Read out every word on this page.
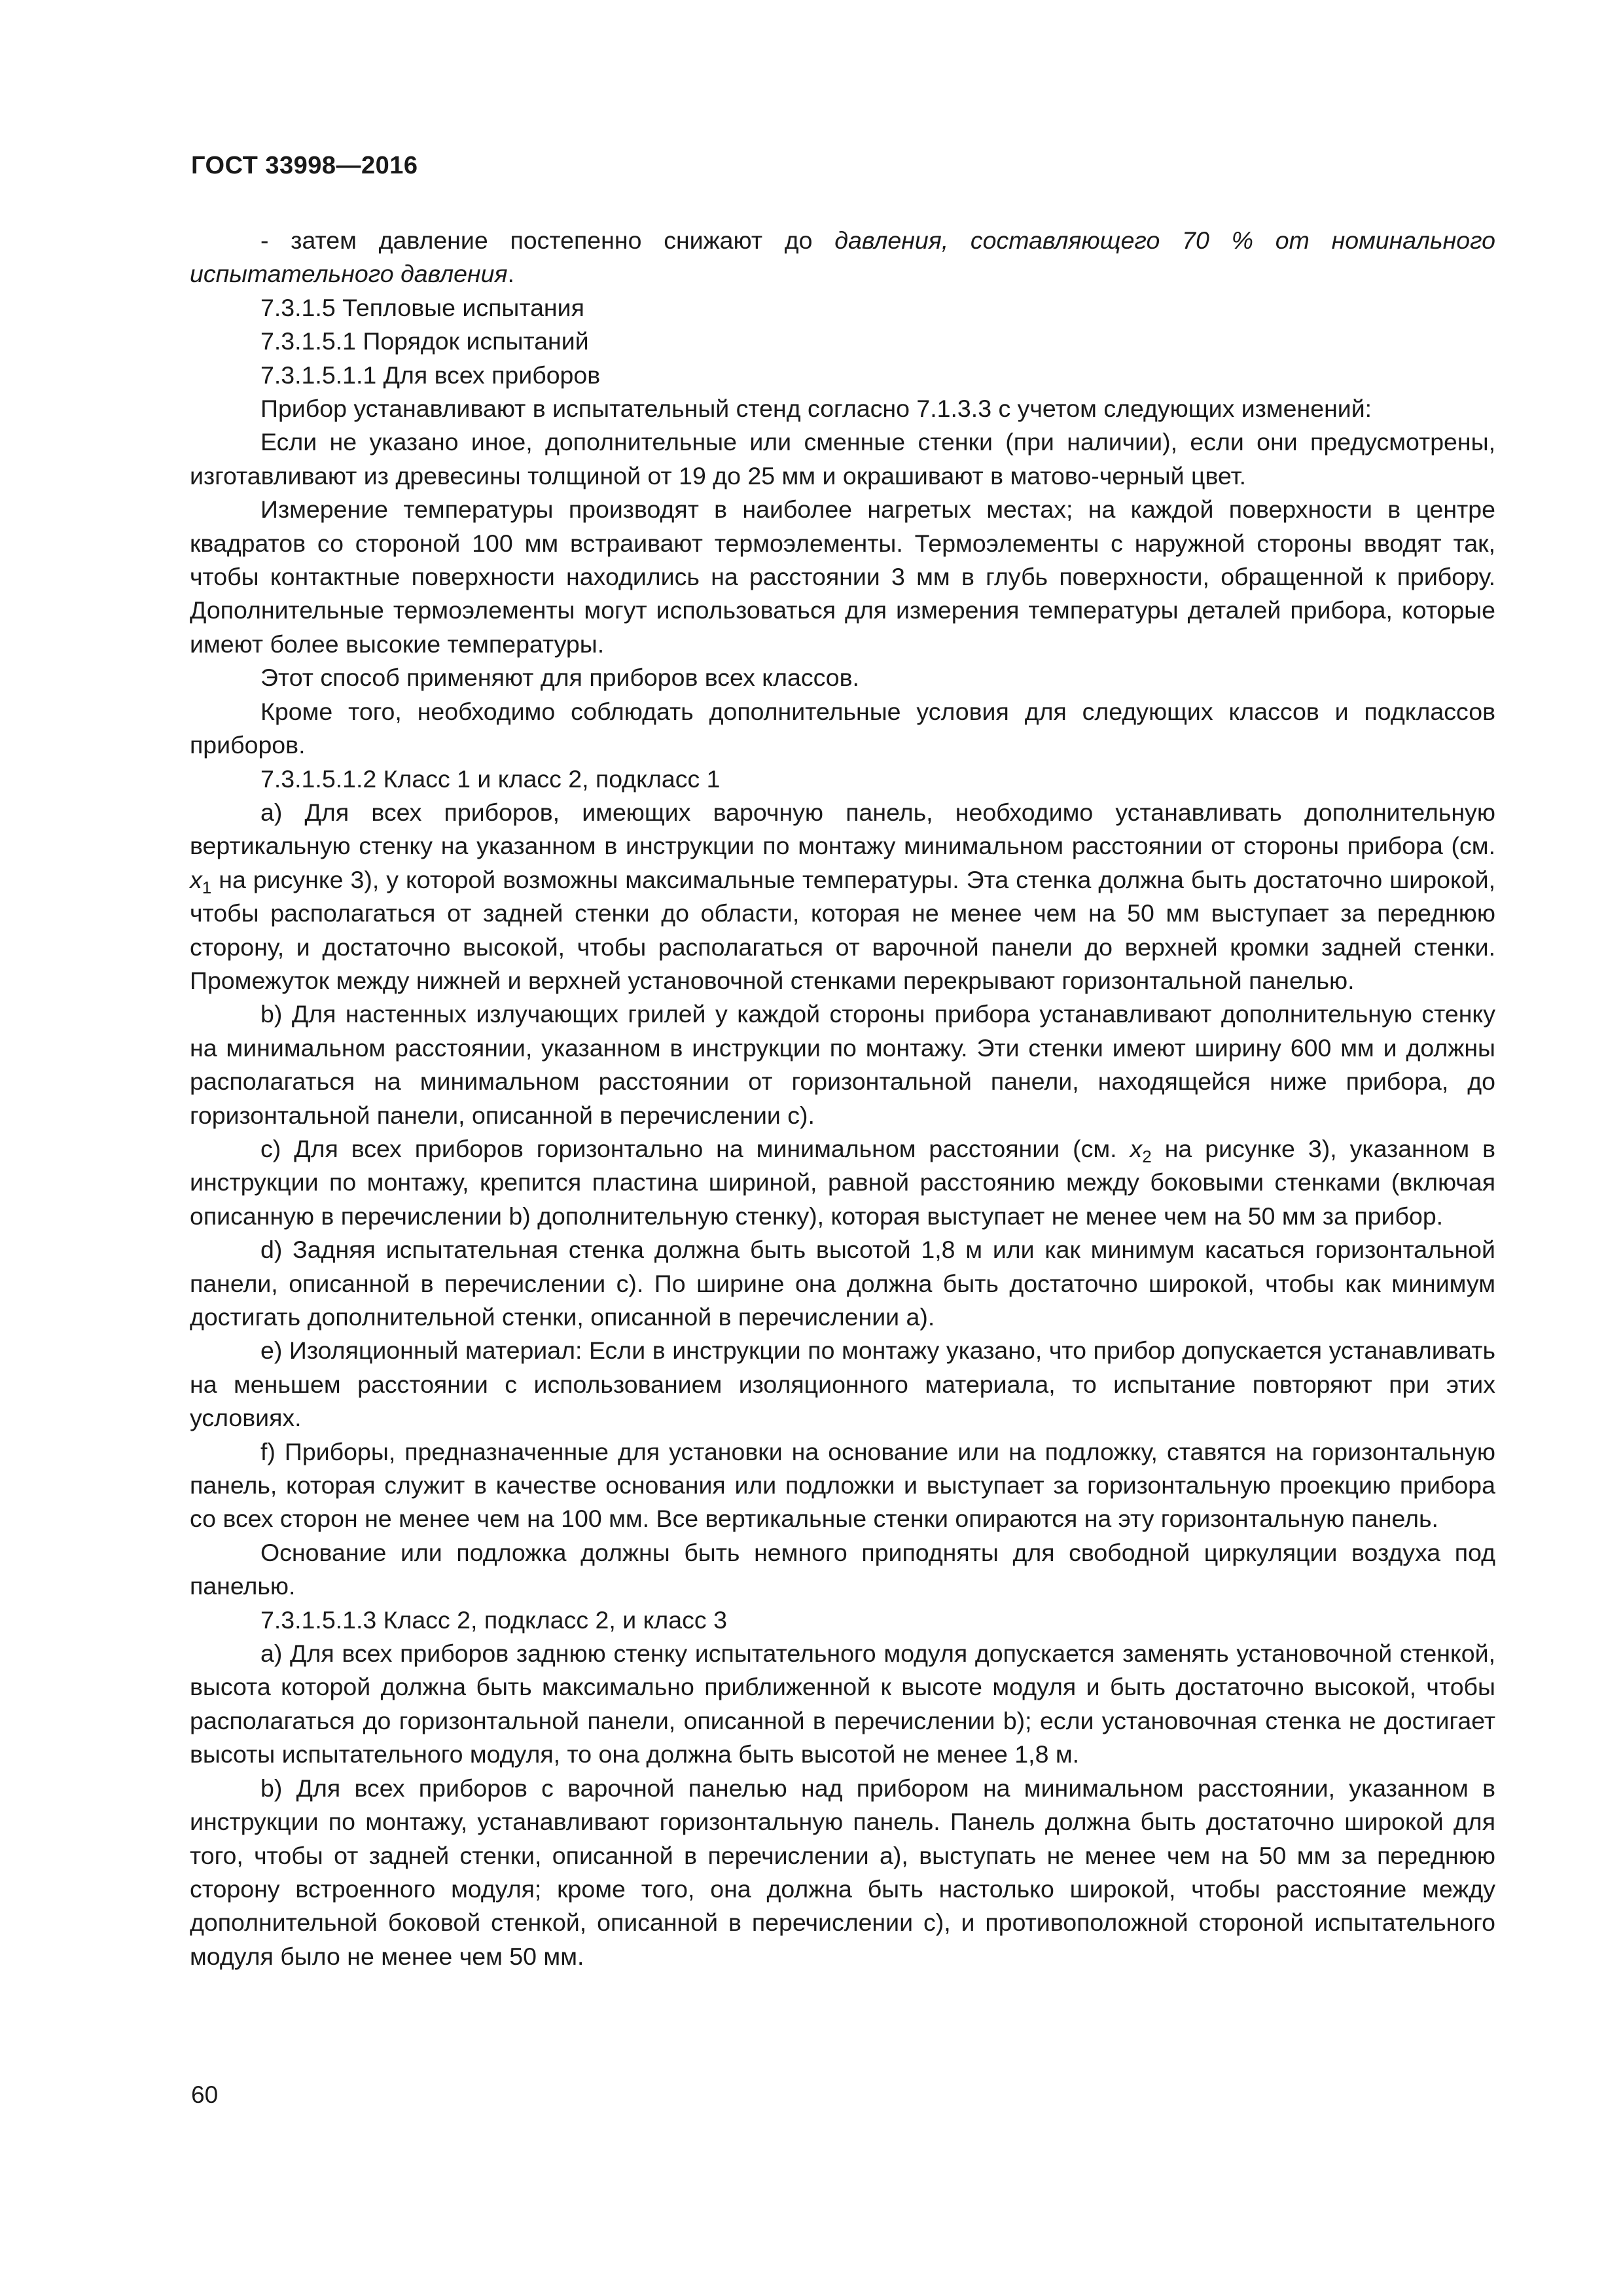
ГОСТ 33998—2016

- затем давление постепенно снижают до давления, составляющего 70 % от номинального испытательного давления.

7.3.1.5 Тепловые испытания

7.3.1.5.1 Порядок испытаний

7.3.1.5.1.1 Для всех приборов

Прибор устанавливают в испытательный стенд согласно 7.1.3.3 с учетом следующих изменений:

Если не указано иное, дополнительные или сменные стенки (при наличии), если они предусмотрены, изготавливают из древесины толщиной от 19 до 25 мм и окрашивают в матово-черный цвет.

Измерение температуры производят в наиболее нагретых местах; на каждой поверхности в центре квадратов со стороной 100 мм встраивают термоэлементы. Термоэлементы с наружной стороны вводят так, чтобы контактные поверхности находились на расстоянии 3 мм в глубь поверхности, обращенной к прибору. Дополнительные термоэлементы могут использоваться для измерения температуры деталей прибора, которые имеют более высокие температуры.

Этот способ применяют для приборов всех классов.

Кроме того, необходимо соблюдать дополнительные условия для следующих классов и подклассов приборов.

7.3.1.5.1.2 Класс 1 и класс 2, подкласс 1

а) Для всех приборов, имеющих варочную панель, необходимо устанавливать дополнительную вертикальную стенку на указанном в инструкции по монтажу минимальном расстоянии от стороны прибора (см. $x_1$ на рисунке 3), у которой возможны максимальные температуры. Эта стенка должна быть достаточно широкой, чтобы располагаться от задней стенки до области, которая не менее чем на 50 мм выступает за переднюю сторону, и достаточно высокой, чтобы располагаться от варочной панели до верхней кромки задней стенки. Промежуток между нижней и верхней установочной стенками перекрывают горизонтальной панелью.

b) Для настенных излучающих грилей у каждой стороны прибора устанавливают дополнительную стенку на минимальном расстоянии, указанном в инструкции по монтажу. Эти стенки имеют ширину 600 мм и должны располагаться на минимальном расстоянии от горизонтальной панели, находящейся ниже прибора, до горизонтальной панели, описанной в перечислении с).

с) Для всех приборов горизонтально на минимальном расстоянии (см. $x_2$ на рисунке 3), указанном в инструкции по монтажу, крепится пластина шириной, равной расстоянию между боковыми стенками (включая описанную в перечислении b) дополнительную стенку), которая выступает не менее чем на 50 мм за прибор.

d) Задняя испытательная стенка должна быть высотой 1,8 м или как минимум касаться горизонтальной панели, описанной в перечислении с). По ширине она должна быть достаточно широкой, чтобы как минимум достигать дополнительной стенки, описанной в перечислении а).

е) Изоляционный материал: Если в инструкции по монтажу указано, что прибор допускается устанавливать на меньшем расстоянии с использованием изоляционного материала, то испытание повторяют при этих условиях.

f) Приборы, предназначенные для установки на основание или на подложку, ставятся на горизонтальную панель, которая служит в качестве основания или подложки и выступает за горизонтальную проекцию прибора со всех сторон не менее чем на 100 мм. Все вертикальные стенки опираются на эту горизонтальную панель.

Основание или подложка должны быть немного приподняты для свободной циркуляции воздуха под панелью.

7.3.1.5.1.3 Класс 2, подкласс 2, и класс 3

а) Для всех приборов заднюю стенку испытательного модуля допускается заменять установочной стенкой, высота которой должна быть максимально приближенной к высоте модуля и быть достаточно высокой, чтобы располагаться до горизонтальной панели, описанной в перечислении b); если установочная стенка не достигает высоты испытательного модуля, то она должна быть высотой не менее 1,8 м.

b) Для всех приборов с варочной панелью над прибором на минимальном расстоянии, указанном в инструкции по монтажу, устанавливают горизонтальную панель. Панель должна быть достаточно широкой для того, чтобы от задней стенки, описанной в перечислении а), выступать не менее чем на 50 мм за переднюю сторону встроенного модуля; кроме того, она должна быть настолько широкой, чтобы расстояние между дополнительной боковой стенкой, описанной в перечислении с), и противоположной стороной испытательного модуля было не менее чем 50 мм.

60
